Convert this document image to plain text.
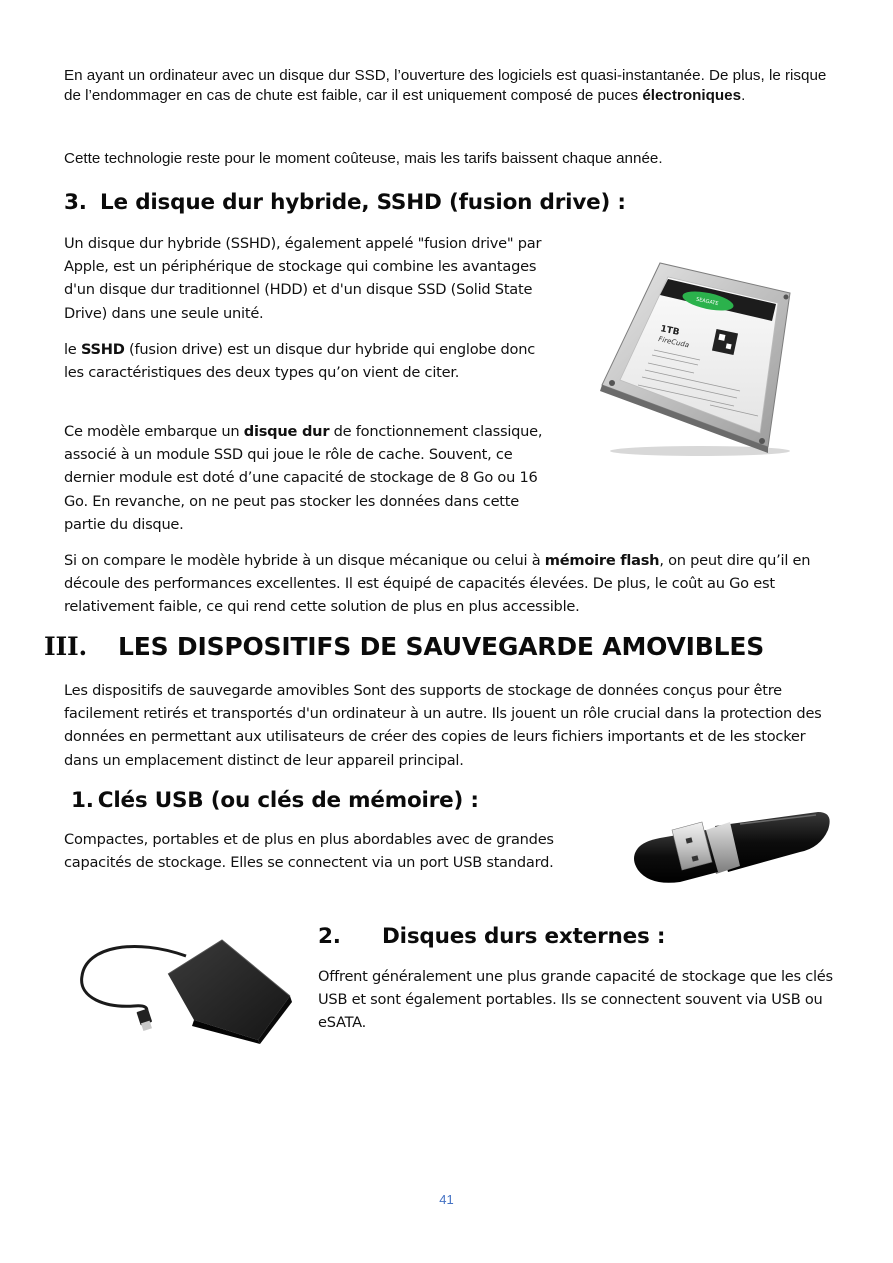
En ayant un ordinateur avec un disque dur SSD, l’ouverture des logiciels est quasi-instantanée. De plus, le risque de l’endommager en cas de chute est faible, car il est uniquement composé de puces électroniques.

Cette technologie reste pour le moment coûteuse, mais les tarifs baissent chaque année.

3. Le disque dur hybride, SSHD (fusion drive) :

Un disque dur hybride (SSHD), également appelé "fusion drive" par Apple, est un périphérique de stockage qui combine les avantages d'un disque dur traditionnel (HDD) et d'un disque SSD (Solid State Drive) dans une seule unité.

le SSHD (fusion drive) est un disque dur hybride qui englobe donc les caractéristiques des deux types qu’on vient de citer.

Ce modèle embarque un disque dur de fonctionnement classique, associé à un module SSD qui joue le rôle de cache. Souvent, ce dernier module est doté d’une capacité de stockage de 8 Go ou 16 Go. En revanche, on ne peut pas stocker les données dans cette partie du disque.

SEAGATE
1TB
FireCuda

Si on compare le modèle hybride à un disque mécanique ou celui à mémoire flash, on peut dire qu’il en découle des performances excellentes. Il est équipé de capacités élevées. De plus, le coût au Go est relativement faible, ce qui rend cette solution de plus en plus accessible.

III. LES DISPOSITIFS DE SAUVEGARDE AMOVIBLES

Les dispositifs de sauvegarde amovibles Sont des supports de stockage de données conçus pour être facilement retirés et transportés d'un ordinateur à un autre. Ils jouent un rôle crucial dans la protection des données en permettant aux utilisateurs de créer des copies de leurs fichiers importants et de les stocker dans un emplacement distinct de leur appareil principal.

1. Clés USB (ou clés de mémoire) :

Compactes, portables et de plus en plus abordables avec de grandes capacités de stockage. Elles se connectent via un port USB standard.

2. Disques durs externes :

Offrent généralement une plus grande capacité de stockage que les clés USB et sont également portables. Ils se connectent souvent via USB ou eSATA.

41
